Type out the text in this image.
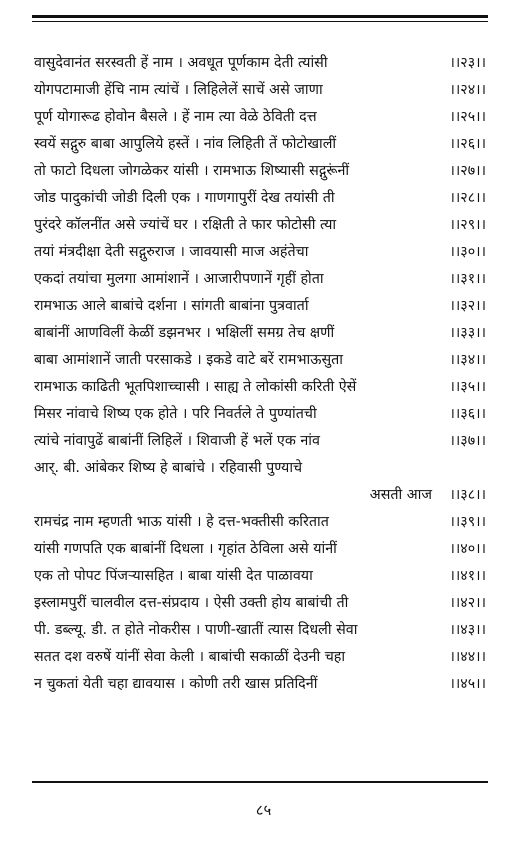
वासुदेवानंत सरस्वती हें नाम । अवधूत पूर्णकाम देती त्यांसी	।।२३।।
योगपटामाजी हेंचि नाम त्यांचें । लिहिलेलें साचें असे जाणा	।।२४।।
पूर्ण योगारूढ होवोन बैसले । हें नाम त्या वेळे ठेविती दत्त	।।२५।।
स्वयें सद्गुरु बाबा आपुलिये हस्तें । नांव लिहिती तें फोटोखालीं	।।२६।।
तो फाटो दिधला जोगळेकर यांसी । रामभाऊ शिष्यासी सद्गुरूंनीं	।।२७।।
जोड पादुकांची जोडी दिली एक । गाणगापुरीं देख तयांसी ती	।।२८।।
पुरंदरे कॉलनींत असे ज्यांचें घर । रक्षिती ते फार फोटोसी त्या	।।२९।।
तयां मंत्रदीक्षा देती सद्गुरुराज । जावयासी माज अहंतेचा	।।३०।।
एकदां तयांचा मुलगा आमांशानें । आजारीपणानें गृहीं होता	।।३१।।
रामभाऊ आले बाबांचे दर्शना । सांगती बाबांना पुत्रवार्ता	।।३२।।
बाबांनीं आणविलीं केळीं डझनभर । भक्षिलीं समग्र तेच क्षणीं	।।३३।।
बाबा आमांशानें जाती परसाकडे । इकडे वाटे बरें रामभाऊसुता	।।३४।।
रामभाऊ काढिती भूतपिशाच्चासी । साह्य ते लोकांसी करिती ऐसें	।।३५।।
मिसर नांवाचे शिष्य एक होते । परि निवर्तले ते पुण्यांतची	।।३६।।
त्यांचे नांवापुढें बाबांनीं लिहिलें । शिवाजी हें भलें एक नांव	।।३७।।
आर्. बी. आंबेकर शिष्य हे बाबांचे । रहिवासी पुण्याचे
असती आज ।।३८।।
रामचंद्र नाम म्हणती भाऊ यांसी । हे दत्त-भक्तीसी करितात	।।३९।।
यांसी गणपति एक बाबांनीं दिधला । गृहांत ठेविला असे यांनीं	।।४०।।
एक तो पोपट पिंजऱ्यासहित । बाबा यांसी देत पाळावया	।।४१।।
इस्लामपुरीं चालवील दत्त-संप्रदाय । ऐसी उक्ती होय बाबांची ती	।।४२।।
पी. डब्ल्यू. डी. त होते नोकरीस । पाणी-खातीं त्यास दिधली सेवा	।।४३।।
सतत दश वरुषें यांनीं सेवा केली । बाबांची सकाळीं देउनी चहा	।।४४।।
न चुकतां येती चहा द्यावयास । कोणी तरी खास प्रतिदिनीं	।।४५।।
८५
